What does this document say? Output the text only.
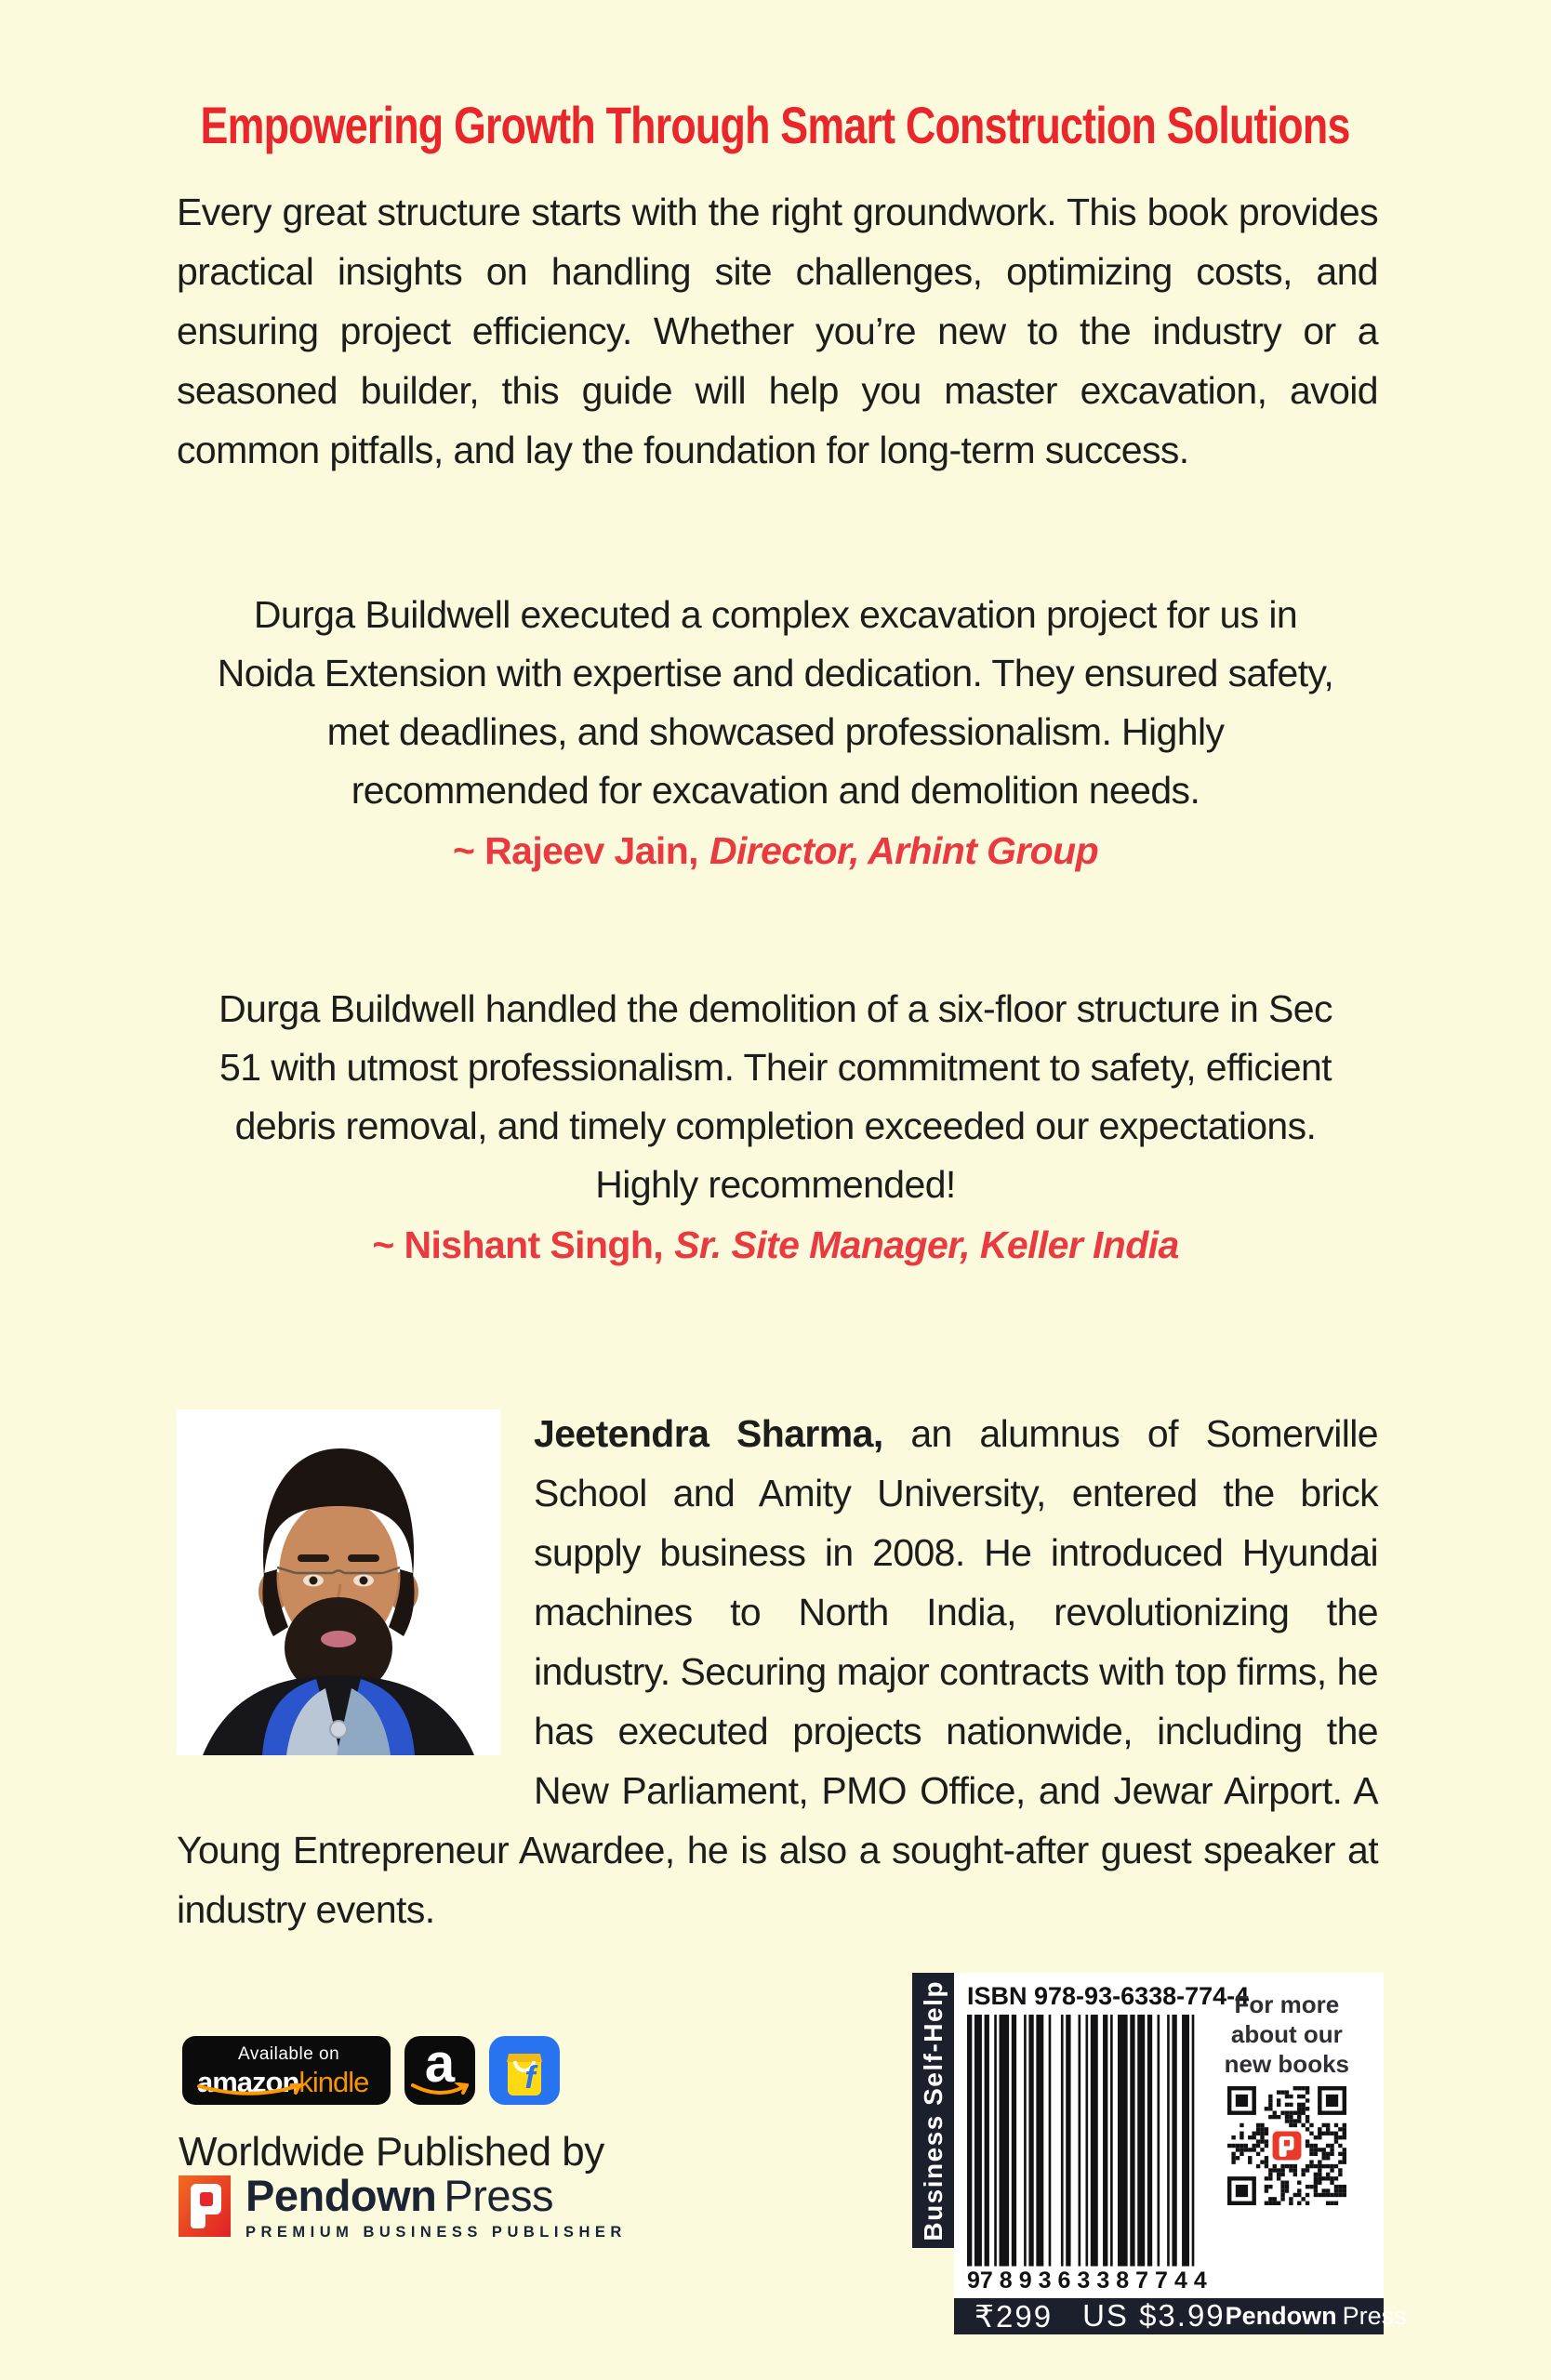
Empowering Growth Through Smart Construction Solutions
Every great structure starts with the right groundwork. This book provides practical insights on handling site challenges, optimizing costs, and ensuring project efficiency. Whether you’re new to the industry or a seasoned builder, this guide will help you master excavation, avoid common pitfalls, and lay the foundation for long-term success.
Durga Buildwell executed a complex excavation project for us in Noida Extension with expertise and dedication. They ensured safety, met deadlines, and showcased professionalism. Highly recommended for excavation and demolition needs.
~ Rajeev Jain, Director, Arhint Group
Durga Buildwell handled the demolition of a six-floor structure in Sec 51 with utmost professionalism. Their commitment to safety, efficient debris removal, and timely completion exceeded our expectations.
Highly recommended!
~ Nishant Singh, Sr. Site Manager, Keller India
Jeetendra Sharma, an alumnus of Somerville School and Amity University, entered the brick supply business in 2008. He introduced Hyundai machines to North India, revolutionizing the industry. Securing major contracts with top firms, he has executed projects nationwide, including the New Parliament, PMO Office, and Jewar Airport. A Young Entrepreneur Awardee, he is also a sought-after guest speaker at industry events.
Available on
amazonkindle	a	f
Worldwide Published by
Pendown Press
PREMIUM BUSINESS PUBLISHER	Business Self-Help ISBN 978-93-6338-774-4
9 789363 387744
For more
about our
new books
₹299 US $3.99 Pendown Press
